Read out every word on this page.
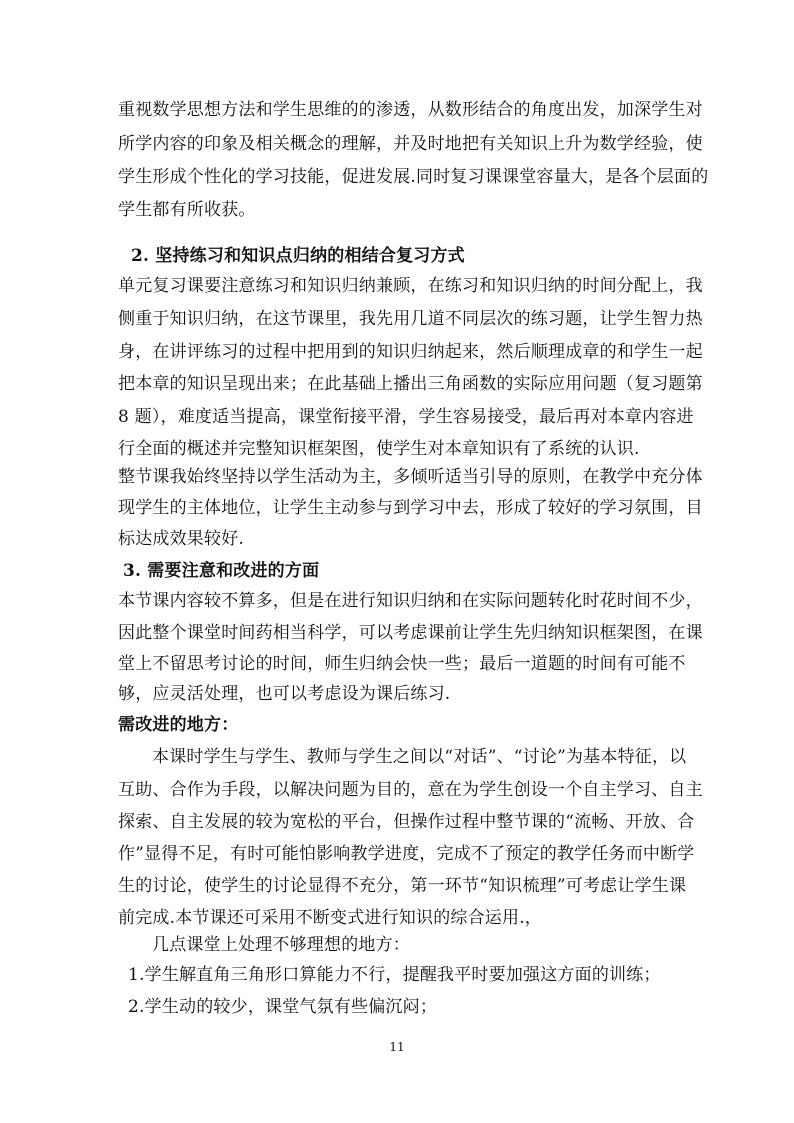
重视数学思想方法和学生思维的的渗透，从数形结合的角度出发，加深学生对
所学内容的印象及相关概念的理解，并及时地把有关知识上升为数学经验，使
学生形成个性化的学习技能，促进发展.同时复习课课堂容量大，是各个层面的
学生都有所收获。
2. 坚持练习和知识点归纳的相结合复习方式
单元复习课要注意练习和知识归纳兼顾，在练习和知识归纳的时间分配上，我
侧重于知识归纳，在这节课里，我先用几道不同层次的练习题，让学生智力热
身，在讲评练习的过程中把用到的知识归纳起来，然后顺理成章的和学生一起
把本章的知识呈现出来；在此基础上播出三角函数的实际应用问题（复习题第
8 题），难度适当提高，课堂衔接平滑，学生容易接受，最后再对本章内容进
行全面的概述并完整知识框架图，使学生对本章知识有了系统的认识.
整节课我始终坚持以学生活动为主，多倾听适当引导的原则，在教学中充分体
现学生的主体地位，让学生主动参与到学习中去，形成了较好的学习氛围，目
标达成效果较好.
3. 需要注意和改进的方面
本节课内容较不算多，但是在进行知识归纳和在实际问题转化时花时间不少，
因此整个课堂时间药相当科学，可以考虑课前让学生先归纳知识框架图，在课
堂上不留思考讨论的时间，师生归纳会快一些；最后一道题的时间有可能不
够，应灵活处理，也可以考虑设为课后练习.
需改进的地方：
本课时学生与学生、教师与学生之间以“对话”、“讨论”为基本特征，以
互助、合作为手段，以解决问题为目的，意在为学生创设一个自主学习、自主
探索、自主发展的较为宽松的平台，但操作过程中整节课的“流畅、开放、合
作”显得不足，有时可能怕影响教学进度，完成不了预定的教学任务而中断学
生的讨论，使学生的讨论显得不充分，第一环节“知识梳理”可考虑让学生课
前完成.本节课还可采用不断变式进行知识的综合运用.，
几点课堂上处理不够理想的地方：
1.学生解直角三角形口算能力不行，提醒我平时要加强这方面的训练；
2.学生动的较少，课堂气氛有些偏沉闷；
11
